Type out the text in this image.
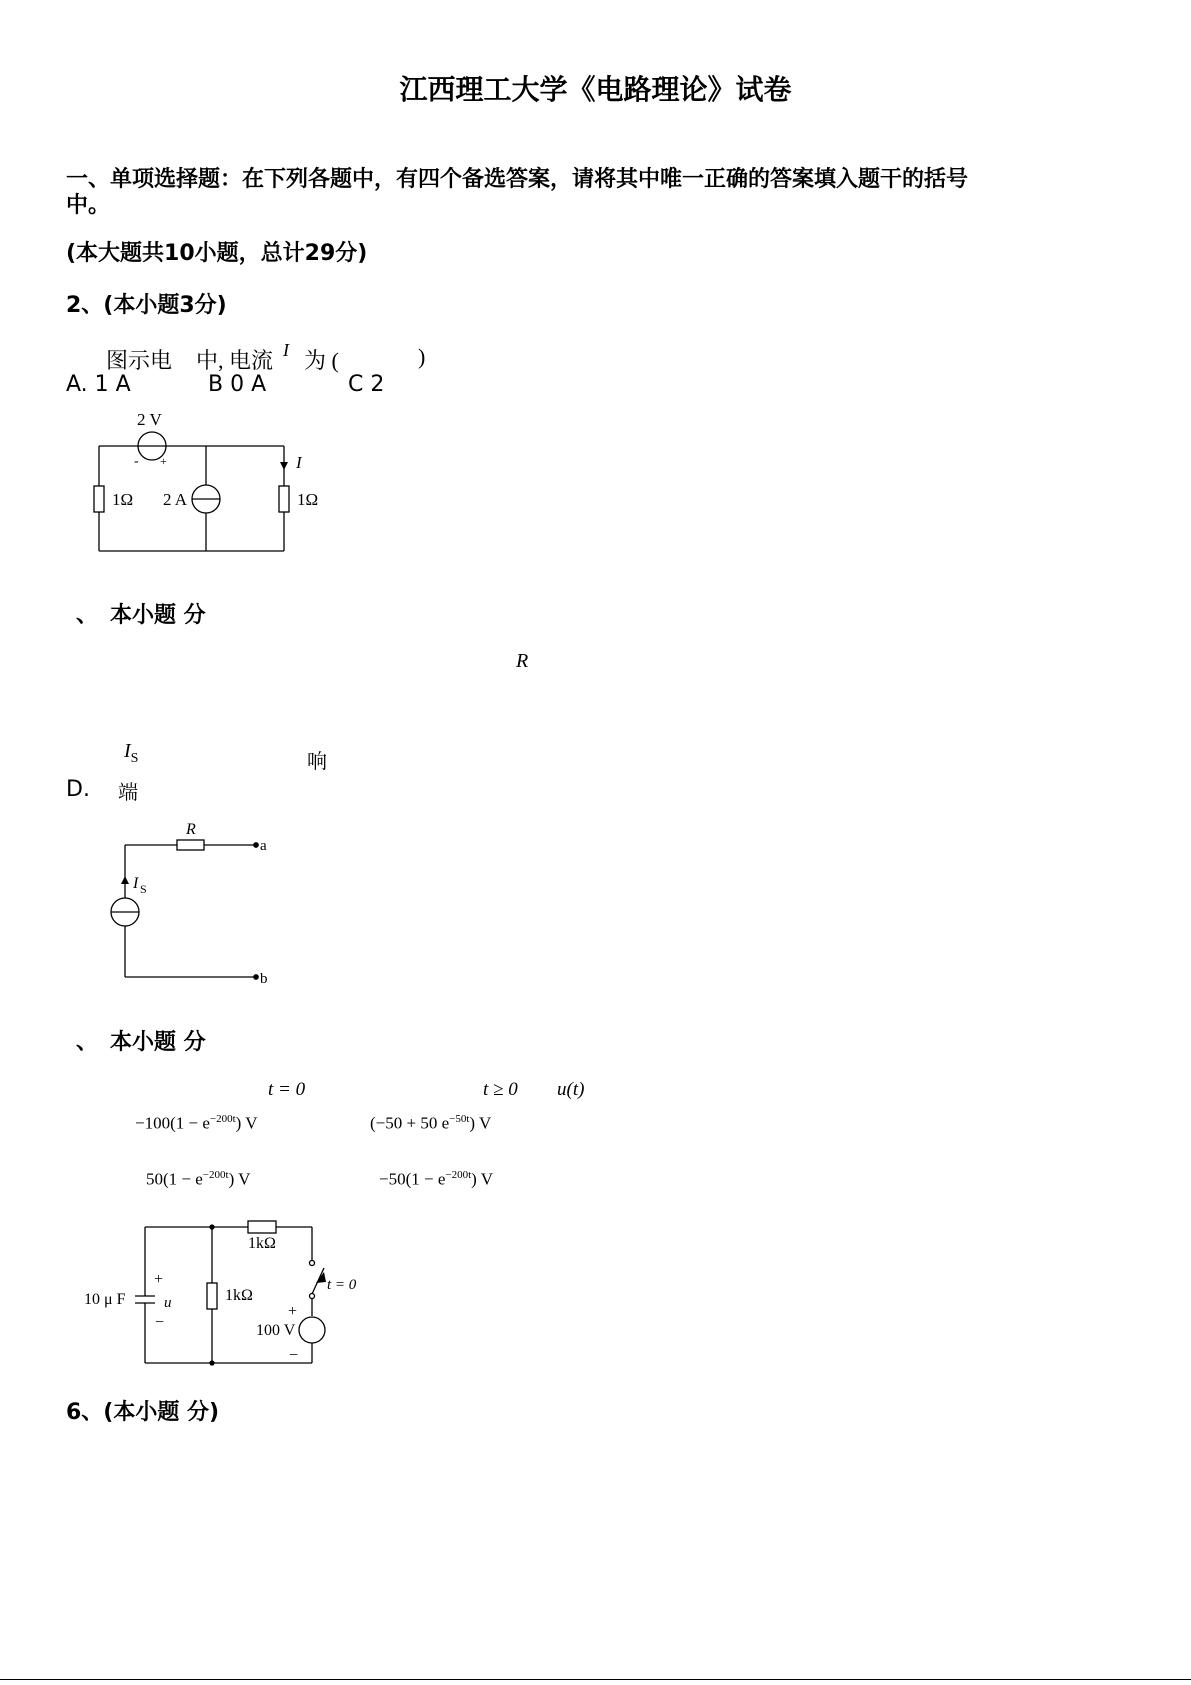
江西理工大学《电路理论》试卷
一、单项选择题：在下列各题中，有四个备选答案，请将其中唯一正确的答案填入题干的括号
中。
(本大题共10小题，总计29分)
2、(本小题3分)
图示电 中, 电流 I 为 (	)
A. 1 A	B 0 A	C 2
2 V
- +
1Ω 2 A	1Ω
I
、 本小题 分
R
$I_S$	响
D. 端
R
I S
a
b
、 本小题 分
t = 0	t ≥ 0 u(t)
$-100(1 - e^{-200t})$ V	(−50 + 50 $e^{-50t}$) V
$50(1 - e^{-200t})$ V	$-50(1 - e^{-200t})$ V
10 μ F
+
u
−
1kΩ
1kΩ
t = 0
+
100 V
−
6、(本小题 分)
